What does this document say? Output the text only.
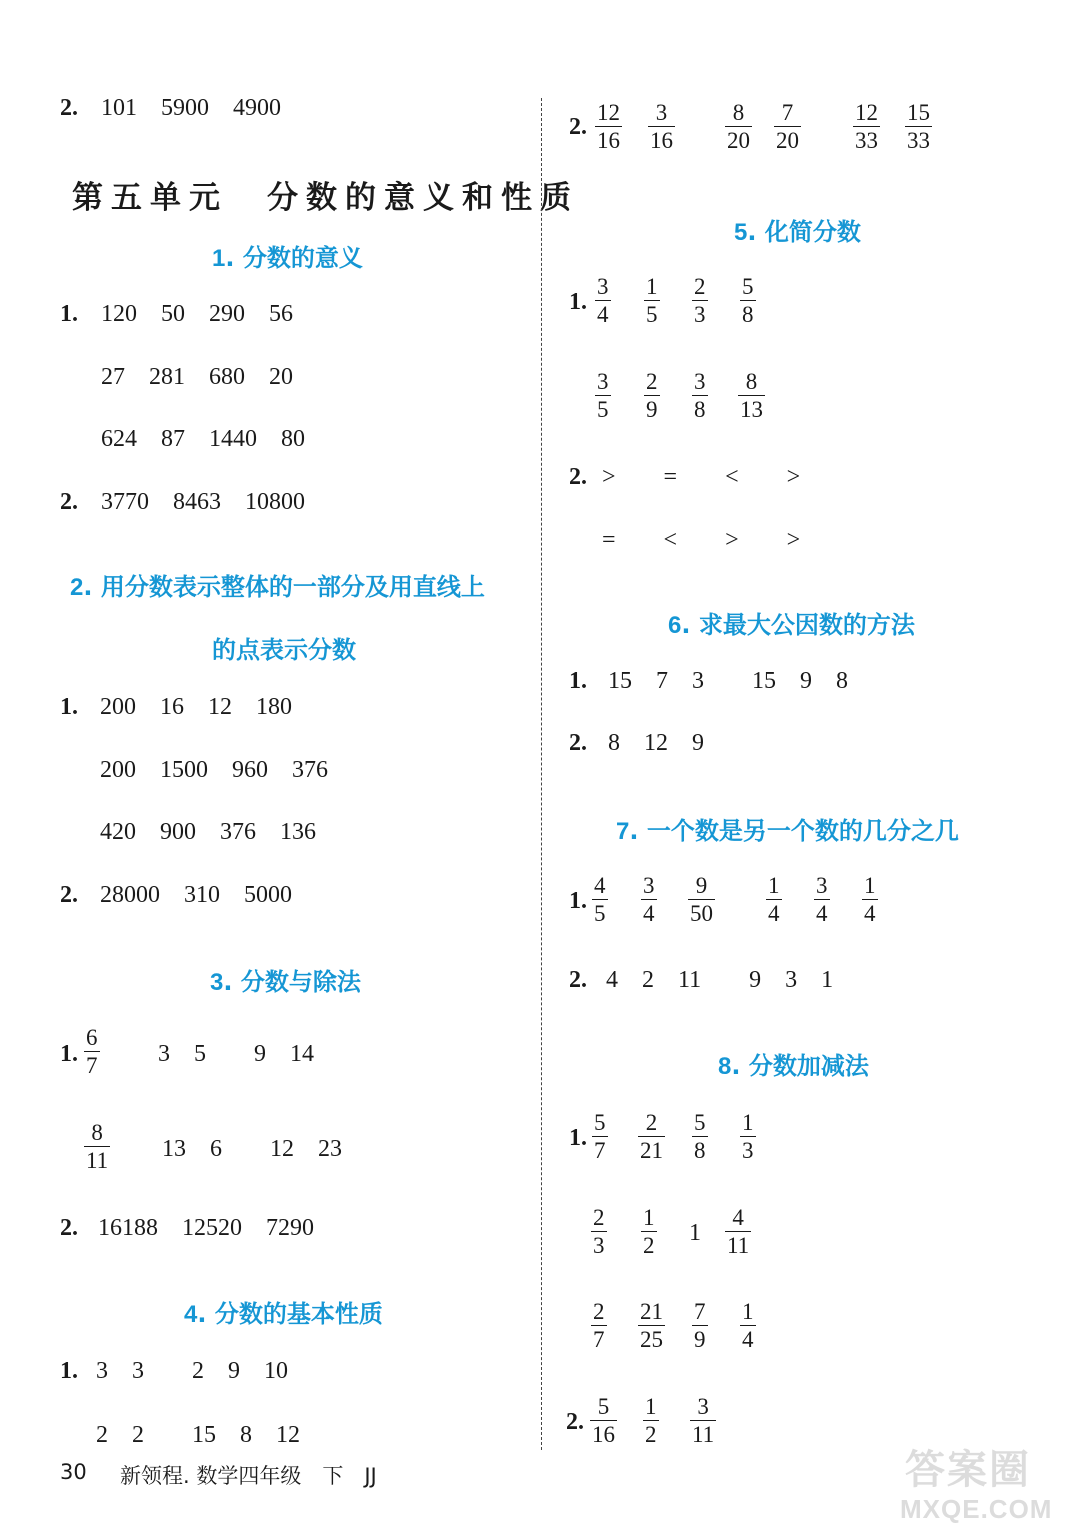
2. 101　5900　4900
第五单元　分数的意义和性质
1. 分数的意义
1. 120　50　290　56
27　281　680　20
624　87　1440　80
2. 3770　8463　10800
2. 用分数表示整体的一部分及用直线上
的点表示分数
1. 200　16　12　180
200　1500　960　376
420　900　376　136
2. 28000　310　5000
3. 分数与除法
1. $\frac{6}{7} 3$　5　　9　14
$\frac{8}{11} 13$　6　　12　23
2. 16188　12520　7290
4. 分数的基本性质
1. 3　3　　2　9　10
2　2　　15　8　12
30 新领程. 数学四年级　下　JJ
2. $\frac{12}{16} \frac{3}{16} \frac{8}{20} \frac{7}{20} \frac{12}{33} \frac{15}{33}$
5. 化简分数
1. $\frac{3}{4} \frac{1}{5} \frac{2}{3} \frac{5}{8}$
$\frac{3}{5} \frac{2}{9} \frac{3}{8} \frac{8}{13}$
2. >　　=　　<　　>
=　　<　　>　　>
6. 求最大公因数的方法
1. 15　7　3　　15　9　8
2. 8　12　9
7. 一个数是另一个数的几分之几
1. $\frac{4}{5} \frac{3}{4} \frac{9}{50} \frac{1}{4} \frac{3}{4} \frac{1}{4}$
2. 4　2　11　　9　3　1
8. 分数加减法
1. $\frac{5}{7} \frac{2}{21} \frac{5}{8} \frac{1}{3}$
$\frac{2}{3} \frac{1}{2} 1 \frac{4}{11}$
$\frac{2}{7} \frac{21}{25} \frac{7}{9} \frac{1}{4}$
2. $\frac{5}{16} \frac{1}{2} \frac{3}{11}$
答案圈
MXQE.COM
